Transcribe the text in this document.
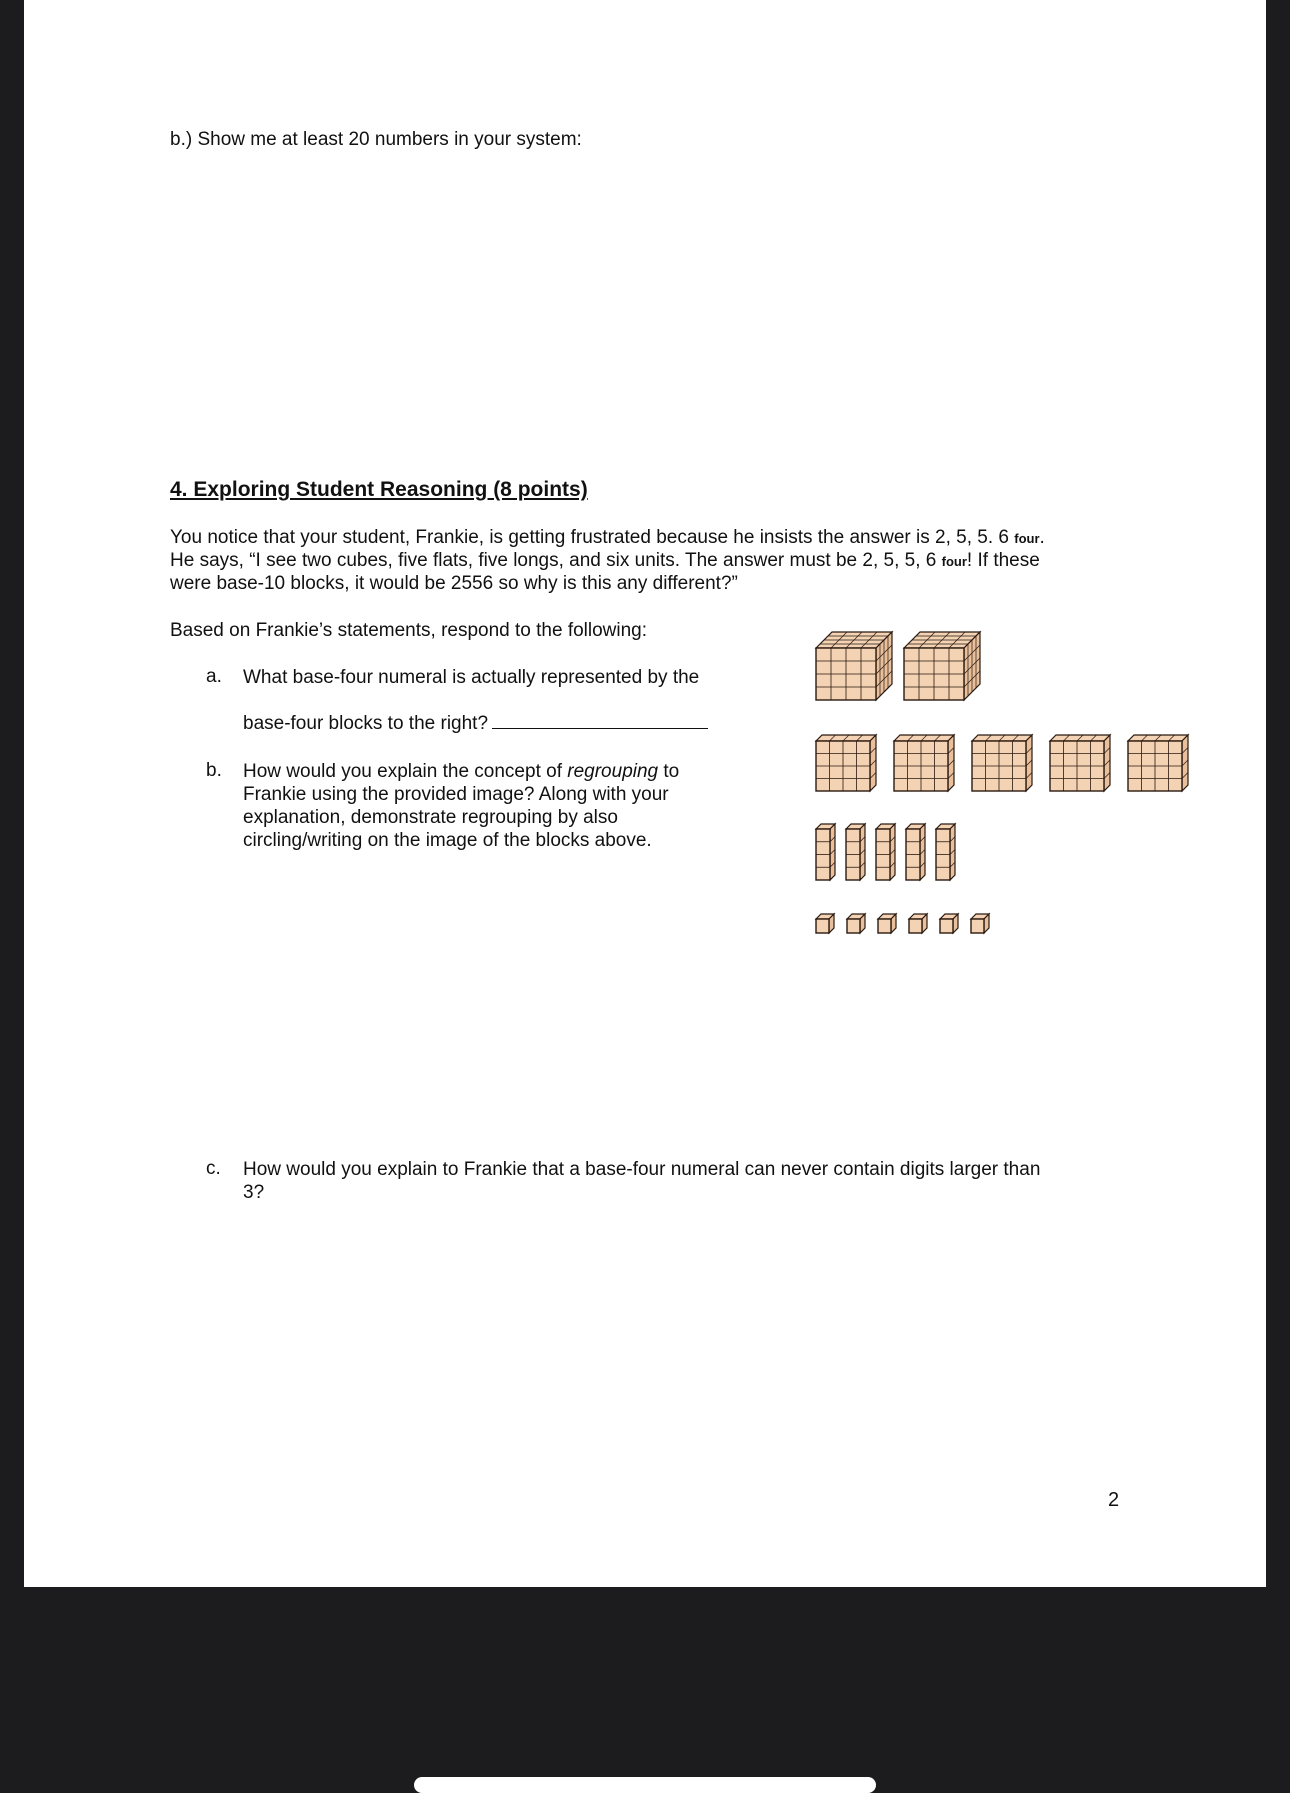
b.) Show me at least 20 numbers in your system:
4. Exploring Student Reasoning (8 points)
You notice that your student, Frankie, is getting frustrated because he insists the answer is 2, 5, 5. 6 four.
He says, “I see two cubes, five flats, five longs, and six units. The answer must be 2, 5, 5, 6 four! If these
were base-10 blocks, it would be 2556 so why is this any different?”
Based on Frankie’s statements, respond to the following:
a. What base-four numeral is actually represented by the
base-four blocks to the right?
b. How would you explain the concept of regrouping to
Frankie using the provided image? Along with your
explanation, demonstrate regrouping by also
circling/writing on the image of the blocks above.
c. How would you explain to Frankie that a base-four numeral can never contain digits larger than
3?
2
